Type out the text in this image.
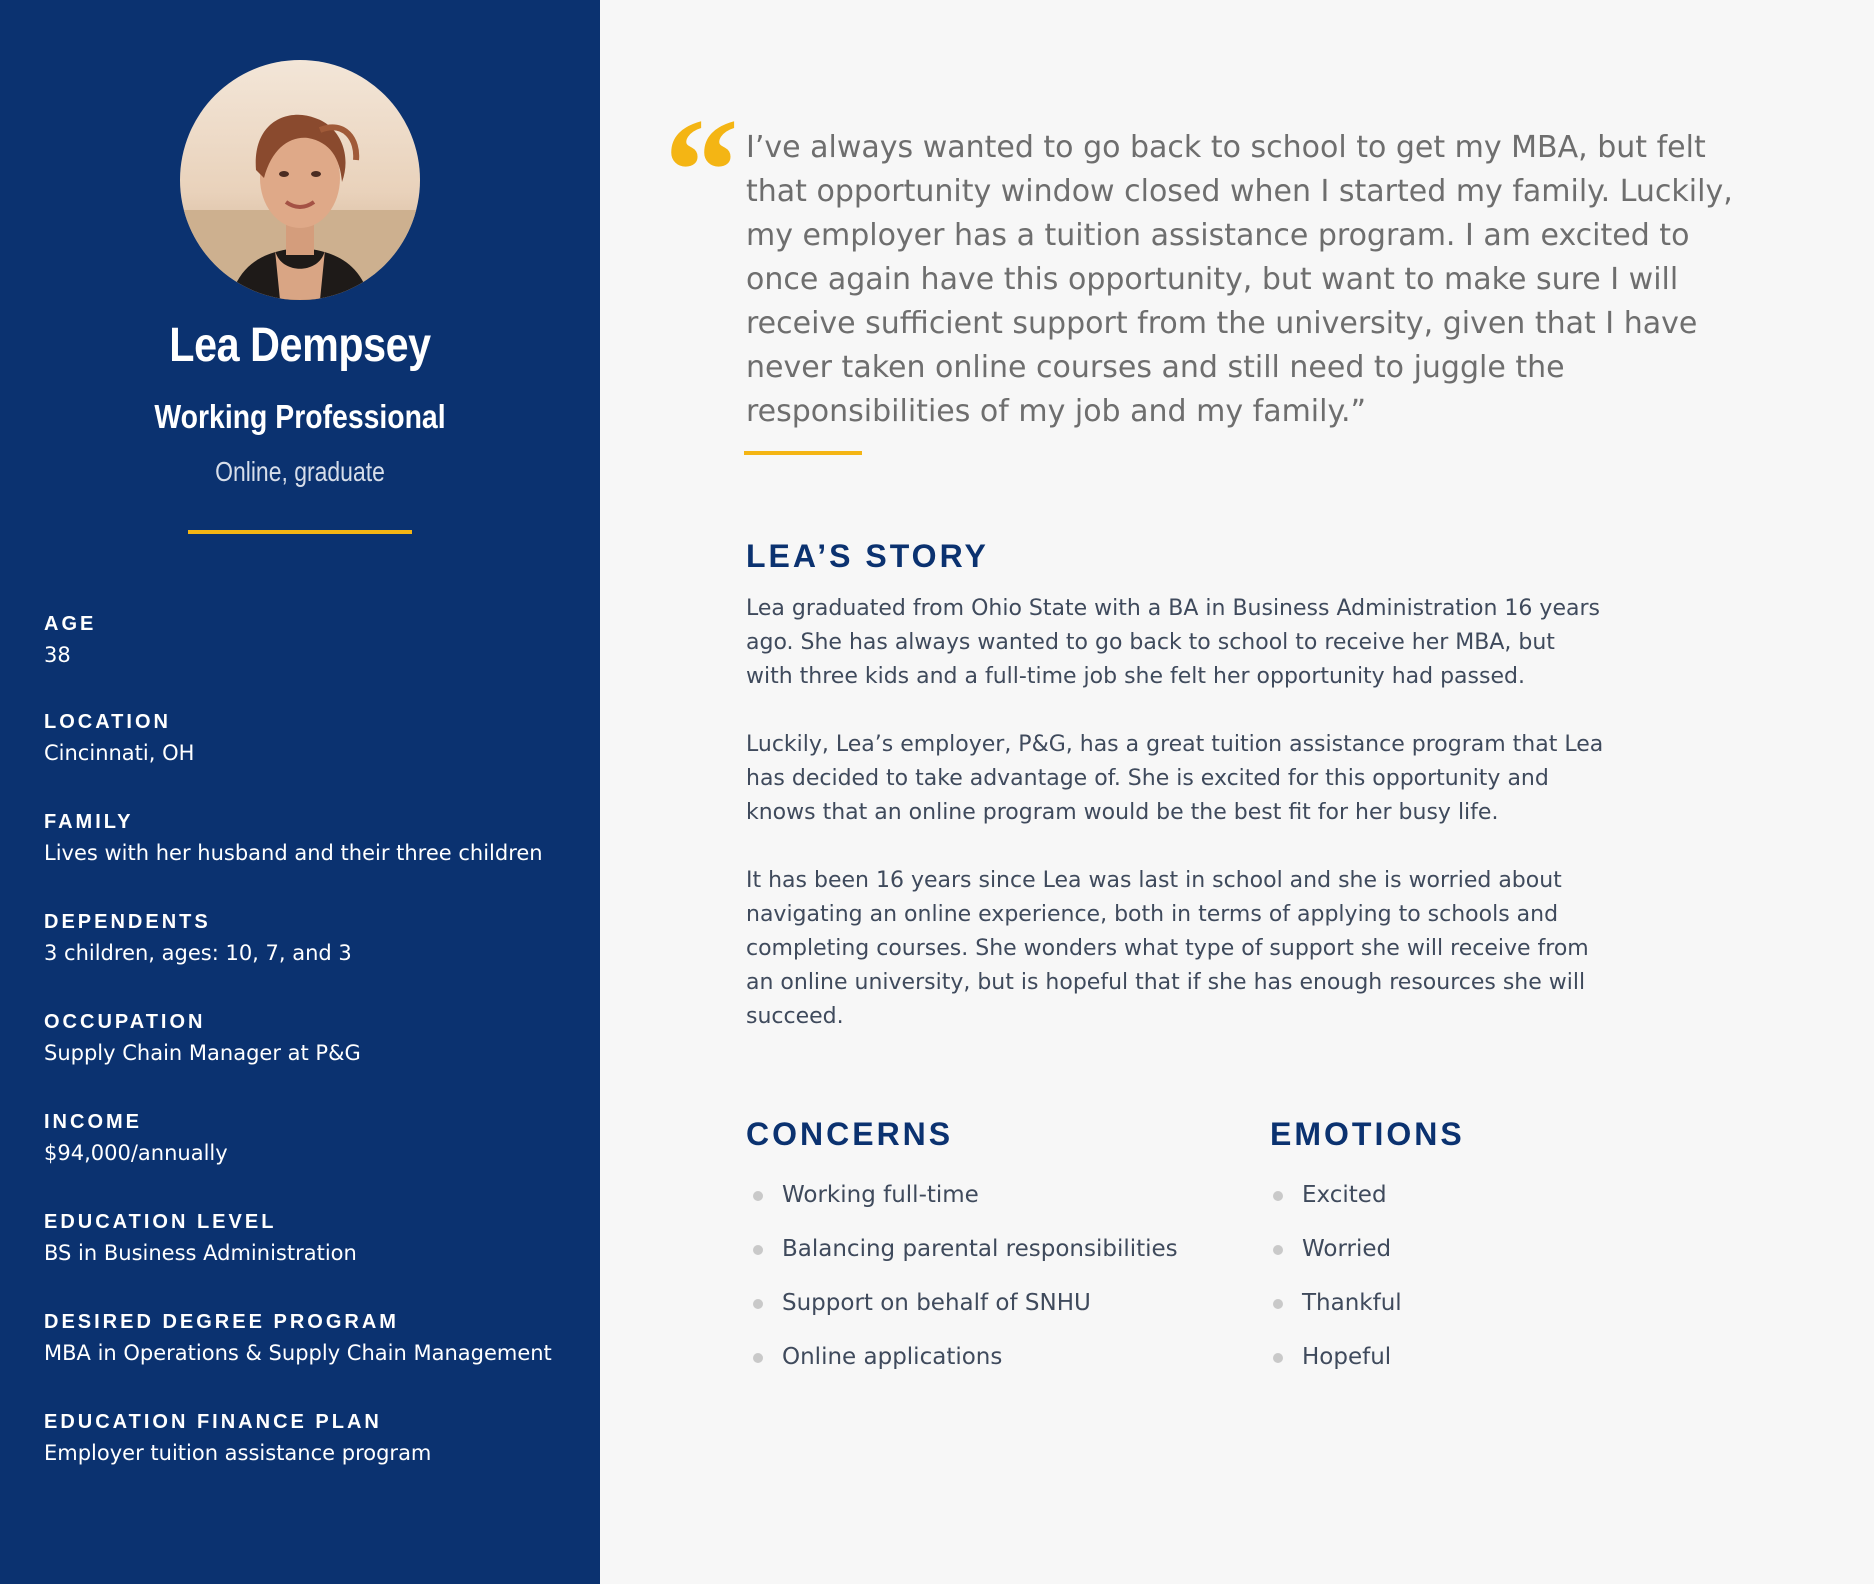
Lea Dempsey
Working Professional
Online, graduate
AGE
38
LOCATION
Cincinnati, OH
FAMILY
Lives with her husband and their three children
DEPENDENTS
3 children, ages: 10, 7, and 3
OCCUPATION
Supply Chain Manager at P&G
INCOME
$94,000/annually
EDUCATION LEVEL
BS in Business Administration
DESIRED DEGREE PROGRAM
MBA in Operations & Supply Chain Management
EDUCATION FINANCE PLAN
Employer tuition assistance program
“ I’ve always wanted to go back to school to get my MBA, but felt that opportunity window closed when I started my family. Luckily, my employer has a tuition assistance program. I am excited to once again have this opportunity, but want to make sure I will receive sufficient support from the university, given that I have never taken online courses and still need to juggle the responsibilities of my job and my family.”
LEA’S STORY

Lea graduated from Ohio State with a BA in Business Administration 16 years ago. She has always wanted to go back to school to receive her MBA, but with three kids and a full-time job she felt her opportunity had passed.

Luckily, Lea’s employer, P&G, has a great tuition assistance program that Lea has decided to take advantage of. She is excited for this opportunity and knows that an online program would be the best fit for her busy life.

It has been 16 years since Lea was last in school and she is worried about navigating an online experience, both in terms of applying to schools and completing courses. She wonders what type of support she will receive from an online university, but is hopeful that if she has enough resources she will succeed.

CONCERNS
Working full-time
Balancing parental responsibilities
Support on behalf of SNHU
Online applications
EMOTIONS
Excited
Worried
Thankful
Hopeful
